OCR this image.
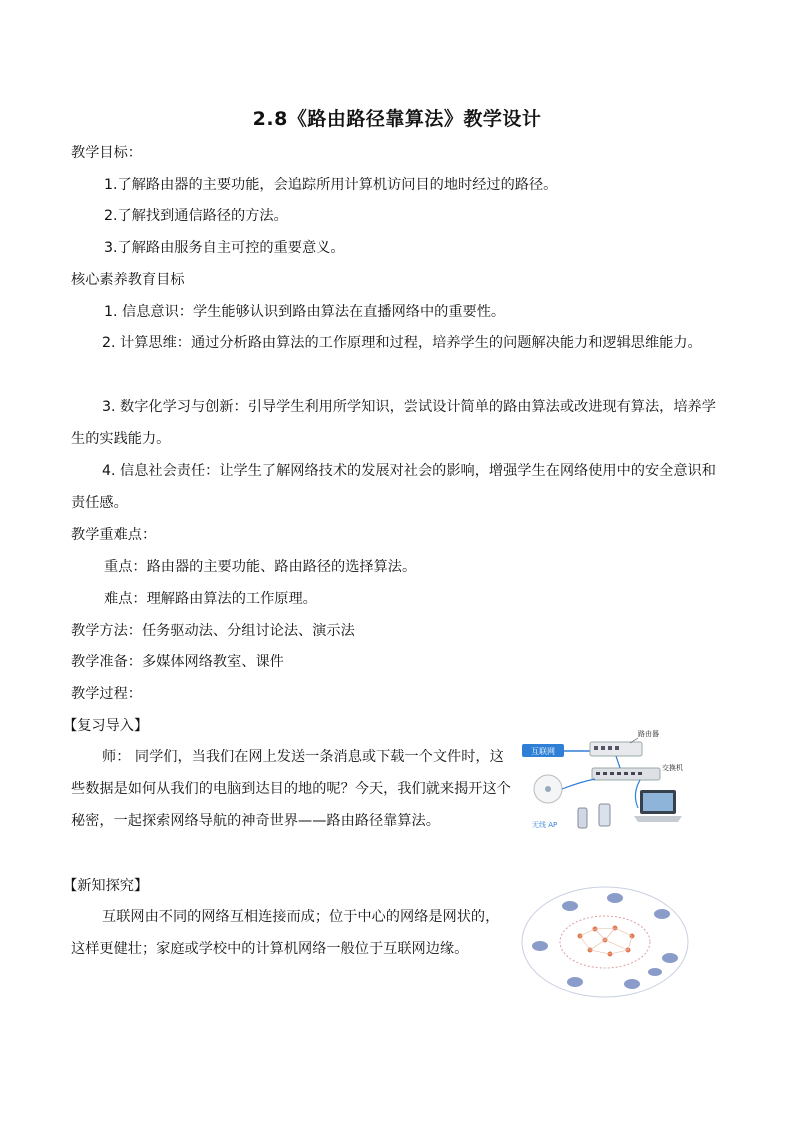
2.8《路由路径靠算法》教学设计
教学目标：
1.了解路由器的主要功能，会追踪所用计算机访问目的地时经过的路径。
2.了解找到通信路径的方法。
3.了解路由服务自主可控的重要意义。
核心素养教育目标
1. 信息意识：学生能够认识到路由算法在直播网络中的重要性。
2. 计算思维：通过分析路由算法的工作原理和过程，培养学生的问题解决能力和逻辑思维能力。
3. 数字化学习与创新：引导学生利用所学知识，尝试设计简单的路由算法或改进现有算法，培养学生的实践能力。
4. 信息社会责任：让学生了解网络技术的发展对社会的影响，增强学生在网络使用中的安全意识和责任感。
教学重难点：
重点：路由器的主要功能、路由路径的选择算法。
难点：理解路由算法的工作原理。
教学方法：任务驱动法、分组讨论法、演示法
教学准备：多媒体网络教室、课件
教学过程：
【复习导入】
师： 同学们，当我们在网上发送一条消息或下载一个文件时，这些数据是如何从我们的电脑到达目的地的呢？今天，我们就来揭开这个秘密，一起探索网络导航的神奇世界——路由路径靠算法。
互联网
路由器
交换机
无线 AP
【新知探究】
互联网由不同的网络互相连接而成；位于中心的网络是网状的，这样更健壮；家庭或学校中的计算机网络一般位于互联网边缘。
